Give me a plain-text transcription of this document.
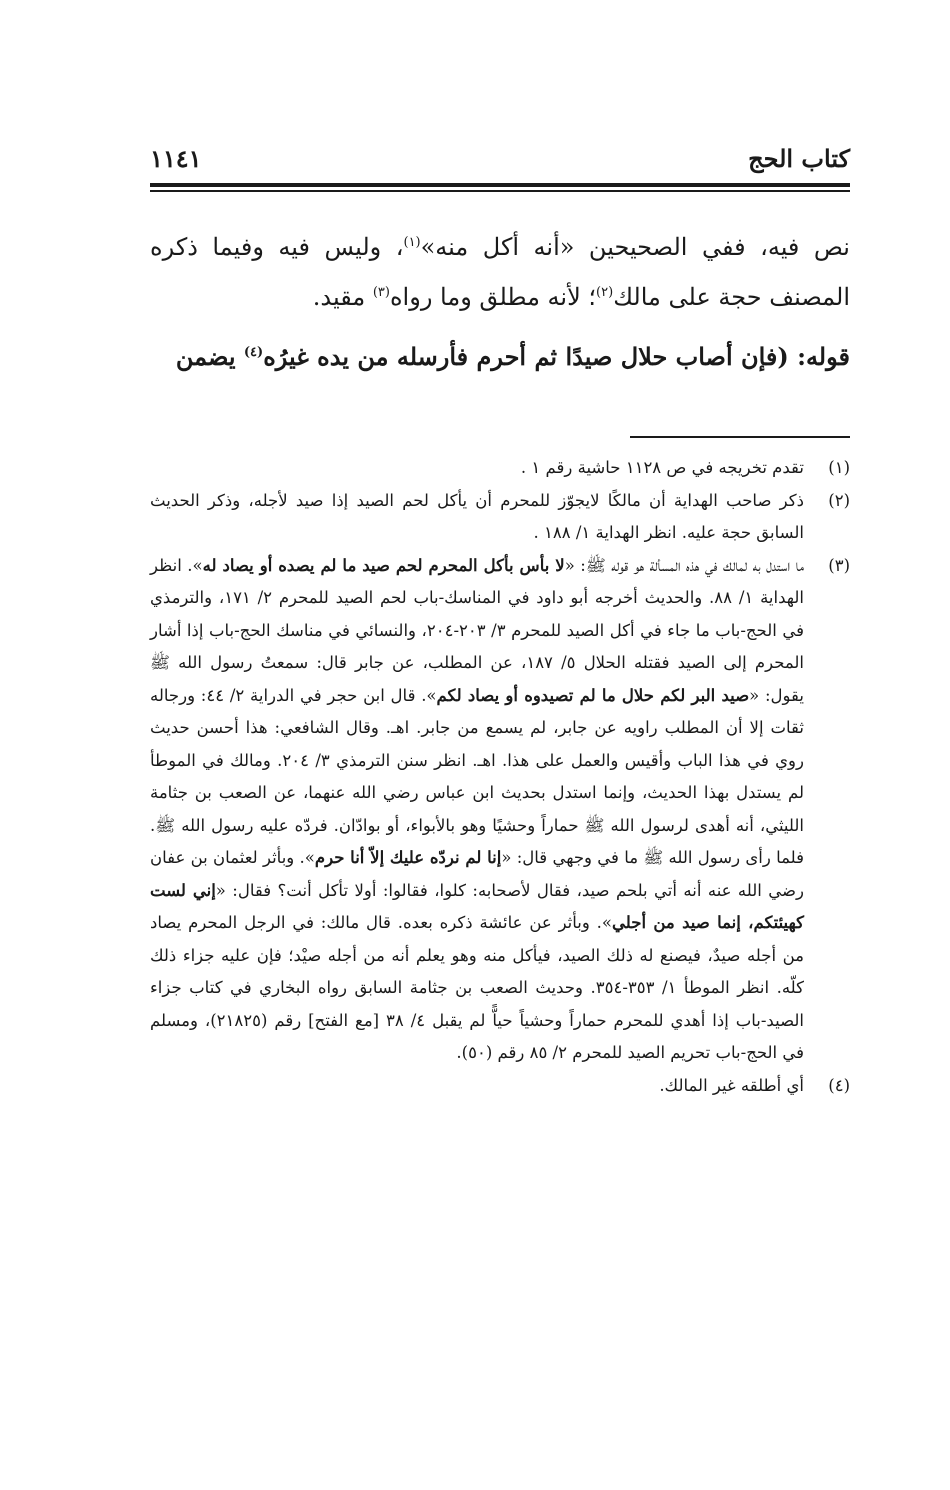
كتاب الحج
١١٤١

نص فيه، ففي الصحيحين «أنه أكل منه»$^{(١)}$، وليس فيه وفيما ذكره المصنف حجة على مالك$^{(٢)}$؛ لأنه مطلق وما رواه$^{(٣)}$ مقيد.

قوله: (فإن أصاب حلال صيدًا ثم أحرم فأرسله من يده غيرُه$^{(٤)}$ يضمن

(١)
تقدم تخريجه في ص ١١٢٨ حاشية رقم ١ .
(٢)
ذكر صاحب الهداية أن مالكًا لايجوّز للمحرم أن يأكل لحم الصيد إذا صيد لأجله، وذكر الحديث السابق حجة عليه. انظر الهداية ١/ ١٨٨ .
(٣)
ما استدل به لمالك في هذه المسألة هو قوله ﷺ: «لا بأس بأكل المحرم لحم صيد ما لم يصده أو يصاد له». انظر الهداية ١/ ٨٨. والحديث أخرجه أبو داود في المناسك-باب لحم الصيد للمحرم ٢/ ١٧١، والترمذي في الحج-باب ما جاء في أكل الصيد للمحرم ٣/ ٢٠٣-٢٠٤، والنسائي في مناسك الحج-باب إذا أشار المحرم إلى الصيد فقتله الحلال ٥/ ١٨٧، عن المطلب، عن جابر قال: سمعتُ رسول الله ﷺ يقول: «صيد البر لكم حلال ما لم تصيدوه أو يصاد لكم». قال ابن حجر في الدراية ٢/ ٤٤: ورجاله ثقات إلا أن المطلب راويه عن جابر، لم يسمع من جابر. اهـ. وقال الشافعي: هذا أحسن حديث روي في هذا الباب وأقيس والعمل على هذا. اهـ. انظر سنن الترمذي ٣/ ٢٠٤. ومالك في الموطأ لم يستدل بهذا الحديث، وإنما استدل بحديث ابن عباس رضي الله عنهما، عن الصعب بن جثامة الليثي، أنه أهدى لرسول الله ﷺ حماراً وحشيًا وهو بالأبواء، أو بوادّان. فردّه عليه رسول الله ﷺ. فلما رأى رسول الله ﷺ ما في وجهي قال: «إنا لم نردّه عليك إلاّ أنا حرم». وبأثر لعثمان بن عفان رضي الله عنه أنه أتي بلحم صيد، فقال لأصحابه: كلوا، فقالوا: أولا تأكل أنت؟ فقال: «إني لست كهيئتكم، إنما صيد من أجلي». وبأثر عن عائشة ذكره بعده. قال مالك: في الرجل المحرم يصاد من أجله صيدٌ، فيصنع له ذلك الصيد، فيأكل منه وهو يعلم أنه من أجله صيْد؛ فإن عليه جزاء ذلك كلّه. انظر الموطأ ١/ ٣٥٣-٣٥٤. وحديث الصعب بن جثامة السابق رواه البخاري في كتاب جزاء الصيد-باب إذا أهدي للمحرم حماراً وحشياً حياًّ لم يقبل ٤/ ٣٨ [مع الفتح] رقم (٢١٨٢٥)، ومسلم في الحج-باب تحريم الصيد للمحرم ٢/ ٨٥ رقم (٥٠).
(٤)
أي أطلقه غير المالك.
